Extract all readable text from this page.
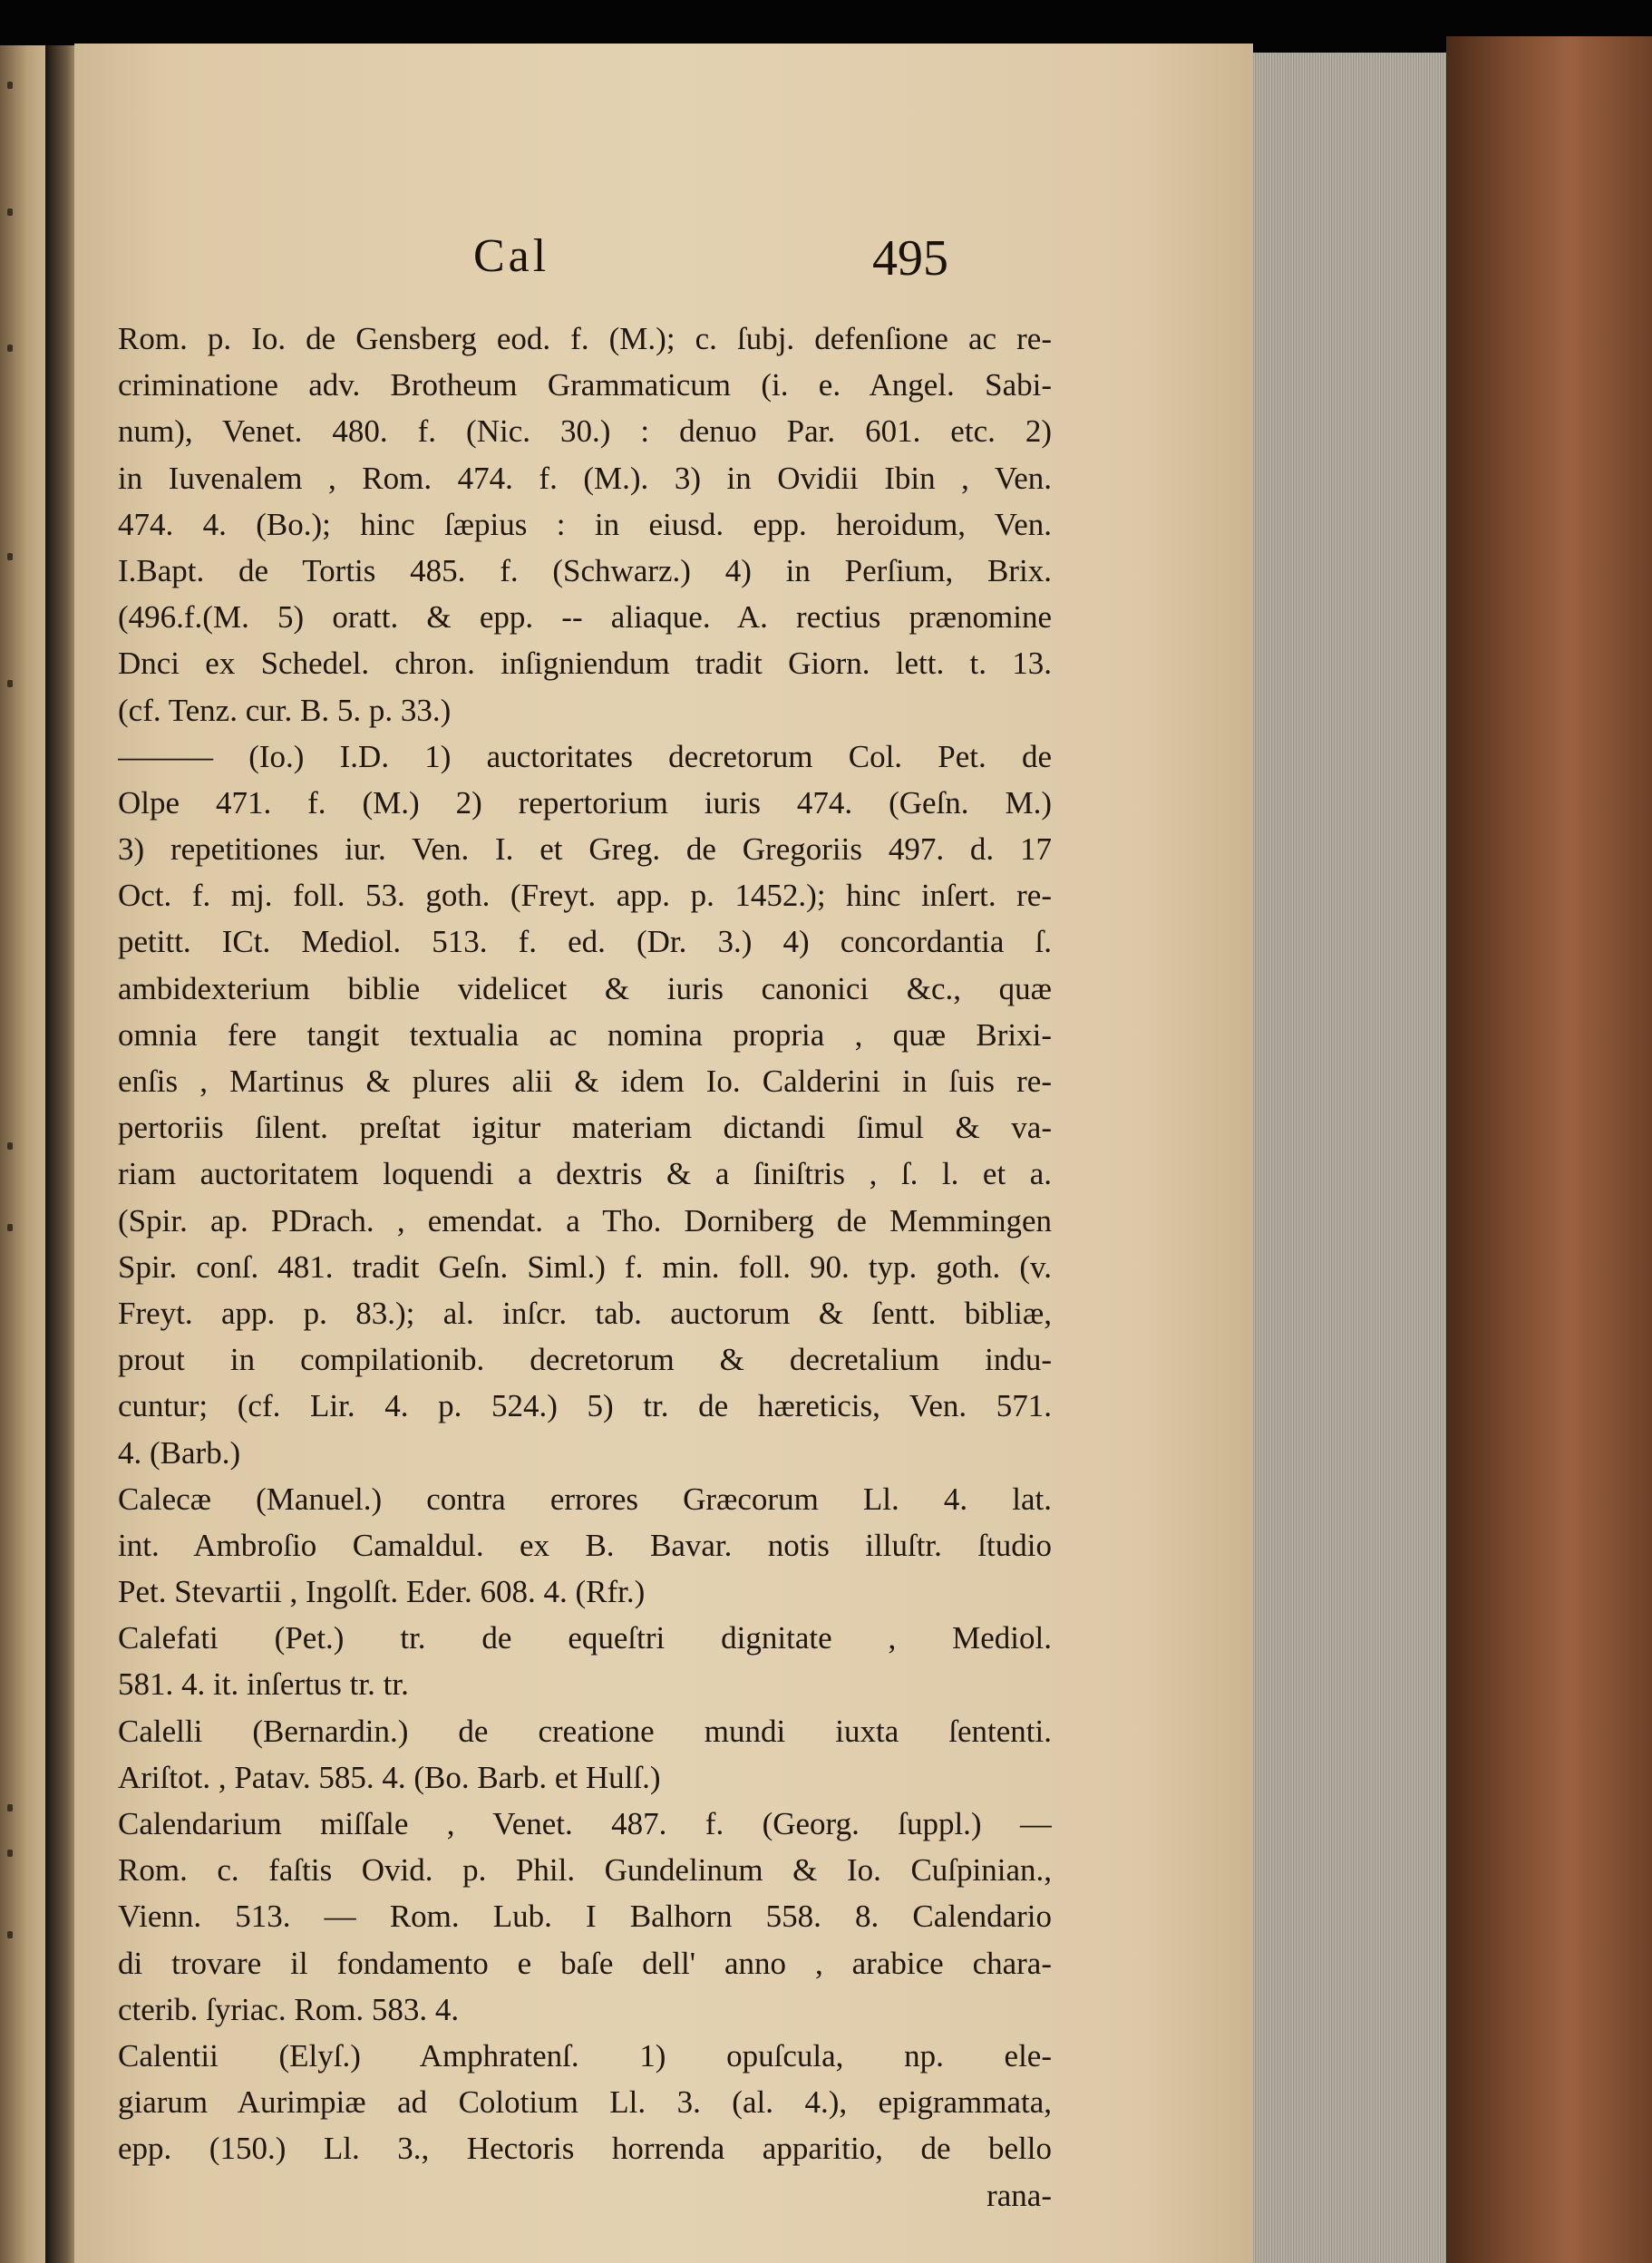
Cal	495
Rom. p. Io. de Gensberg eod. f. (M.); c. ſubj. defenſione ac re-
criminatione adv. Brotheum Grammaticum (i. e. Angel. Sabi-
num), Venet. 480. f. (Nic. 30.) : denuo Par. 601. etc. 2)
in Iuvenalem , Rom. 474. f. (M.). 3) in Ovidii Ibin , Ven.
474. 4. (Bo.); hinc ſæpius : in eiusd. epp. heroidum, Ven.
I.Bapt. de Tortis 485. f. (Schwarz.) 4) in Perſium, Brix.
(496.f.(M. 5) oratt. & epp. -- aliaque. A. rectius prænomine
Dnci ex Schedel. chron. inſigniendum tradit Giorn. lett. t. 13.
(cf. Tenz. cur. B. 5. p. 33.)
——— (Io.) I.D. 1) auctoritates decretorum Col. Pet. de
Olpe 471. f. (M.) 2) repertorium iuris 474. (Geſn. M.)
3) repetitiones iur. Ven. I. et Greg. de Gregoriis 497. d. 17
Oct. f. mj. foll. 53. goth. (Freyt. app. p. 1452.); hinc inſert. re-
petitt. ICt. Mediol. 513. f. ed. (Dr. 3.) 4) concordantia ſ.
ambidexterium biblie videlicet & iuris canonici &c., quæ
omnia fere tangit textualia ac nomina propria , quæ Brixi-
enſis , Martinus & plures alii & idem Io. Calderini in ſuis re-
pertoriis ſilent. preſtat igitur materiam dictandi ſimul & va-
riam auctoritatem loquendi a dextris & a ſiniſtris , ſ. l. et a.
(Spir. ap. PDrach. , emendat. a Tho. Dorniberg de Memmingen
Spir. conſ. 481. tradit Geſn. Siml.) f. min. foll. 90. typ. goth. (v.
Freyt. app. p. 83.); al. inſcr. tab. auctorum & ſentt. bibliæ,
prout in compilationib. decretorum & decretalium indu-
cuntur; (cf. Lir. 4. p. 524.) 5) tr. de hæreticis, Ven. 571.
4. (Barb.)
Calecæ (Manuel.) contra errores Græcorum Ll. 4. lat.
int. Ambroſio Camaldul. ex B. Bavar. notis illuſtr. ſtudio
Pet. Stevartii , Ingolſt. Eder. 608. 4. (Rfr.)
Calefati (Pet.) tr. de equeſtri dignitate , Mediol.
581. 4. it. inſertus tr. tr.
Calelli (Bernardin.) de creatione mundi iuxta ſententi.
Ariſtot. , Patav. 585. 4. (Bo. Barb. et Hulſ.)
Calendarium miſſale , Venet. 487. f. (Georg. ſuppl.) —
Rom. c. faſtis Ovid. p. Phil. Gundelinum & Io. Cuſpinian.,
Vienn. 513. — Rom. Lub. I Balhorn 558. 8. Calendario
di trovare il fondamento e baſe dell' anno , arabice chara-
cterib. ſyriac. Rom. 583. 4.
Calentii (Elyſ.) Amphratenſ. 1) opuſcula, np. ele-
giarum Aurimpiæ ad Colotium Ll. 3. (al. 4.), epigrammata,
epp. (150.) Ll. 3., Hectoris horrenda apparitio, de bello
rana-
